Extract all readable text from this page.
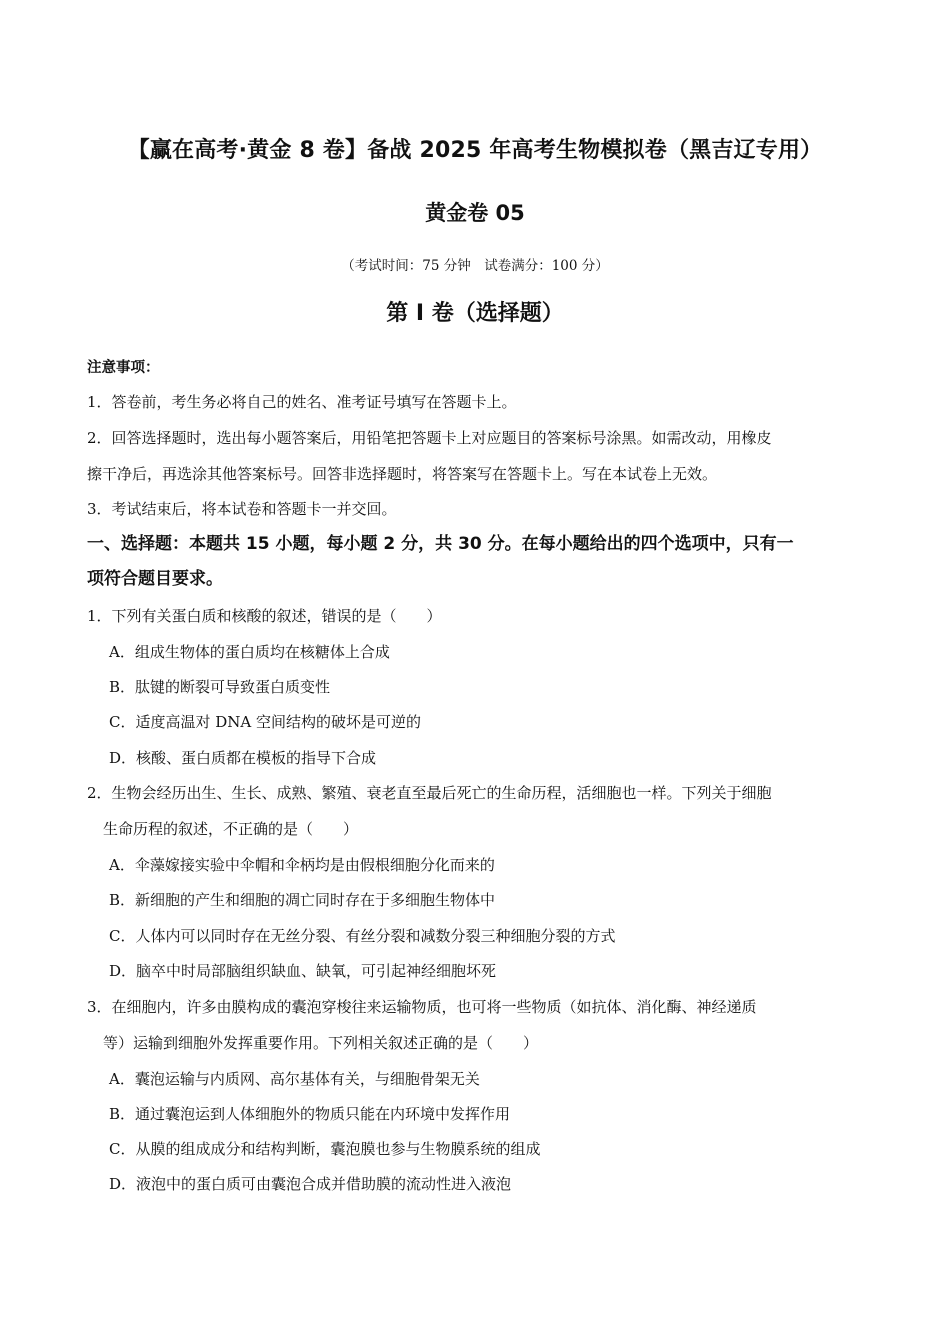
【赢在高考·黄金 8 卷】备战 2025 年高考生物模拟卷（黑吉辽专用）
黄金卷 05
（考试时间：75 分钟　试卷满分：100 分）
第 I 卷（选择题）
注意事项：
1．答卷前，考生务必将自己的姓名、准考证号填写在答题卡上。
2．回答选择题时，选出每小题答案后，用铅笔把答题卡上对应题目的答案标号涂黑。如需改动，用橡皮
擦干净后，再选涂其他答案标号。回答非选择题时，将答案写在答题卡上。写在本试卷上无效。
3．考试结束后，将本试卷和答题卡一并交回。
一、选择题：本题共 15 小题，每小题 2 分，共 30 分。在每小题给出的四个选项中，只有一
项符合题目要求。
1．下列有关蛋白质和核酸的叙述，错误的是（　　）
A．组成生物体的蛋白质均在核糖体上合成
B．肽键的断裂可导致蛋白质变性
C．适度高温对 DNA 空间结构的破坏是可逆的
D．核酸、蛋白质都在模板的指导下合成
2．生物会经历出生、生长、成熟、繁殖、衰老直至最后死亡的生命历程，活细胞也一样。下列关于细胞
生命历程的叙述，不正确的是（　　）
A．伞藻嫁接实验中伞帽和伞柄均是由假根细胞分化而来的
B．新细胞的产生和细胞的凋亡同时存在于多细胞生物体中
C．人体内可以同时存在无丝分裂、有丝分裂和减数分裂三种细胞分裂的方式
D．脑卒中时局部脑组织缺血、缺氧，可引起神经细胞坏死
3．在细胞内，许多由膜构成的囊泡穿梭往来运输物质，也可将一些物质（如抗体、消化酶、神经递质
等）运输到细胞外发挥重要作用。下列相关叙述正确的是（　　）
A．囊泡运输与内质网、高尔基体有关，与细胞骨架无关
B．通过囊泡运到人体细胞外的物质只能在内环境中发挥作用
C．从膜的组成成分和结构判断，囊泡膜也参与生物膜系统的组成
D．液泡中的蛋白质可由囊泡合成并借助膜的流动性进入液泡
